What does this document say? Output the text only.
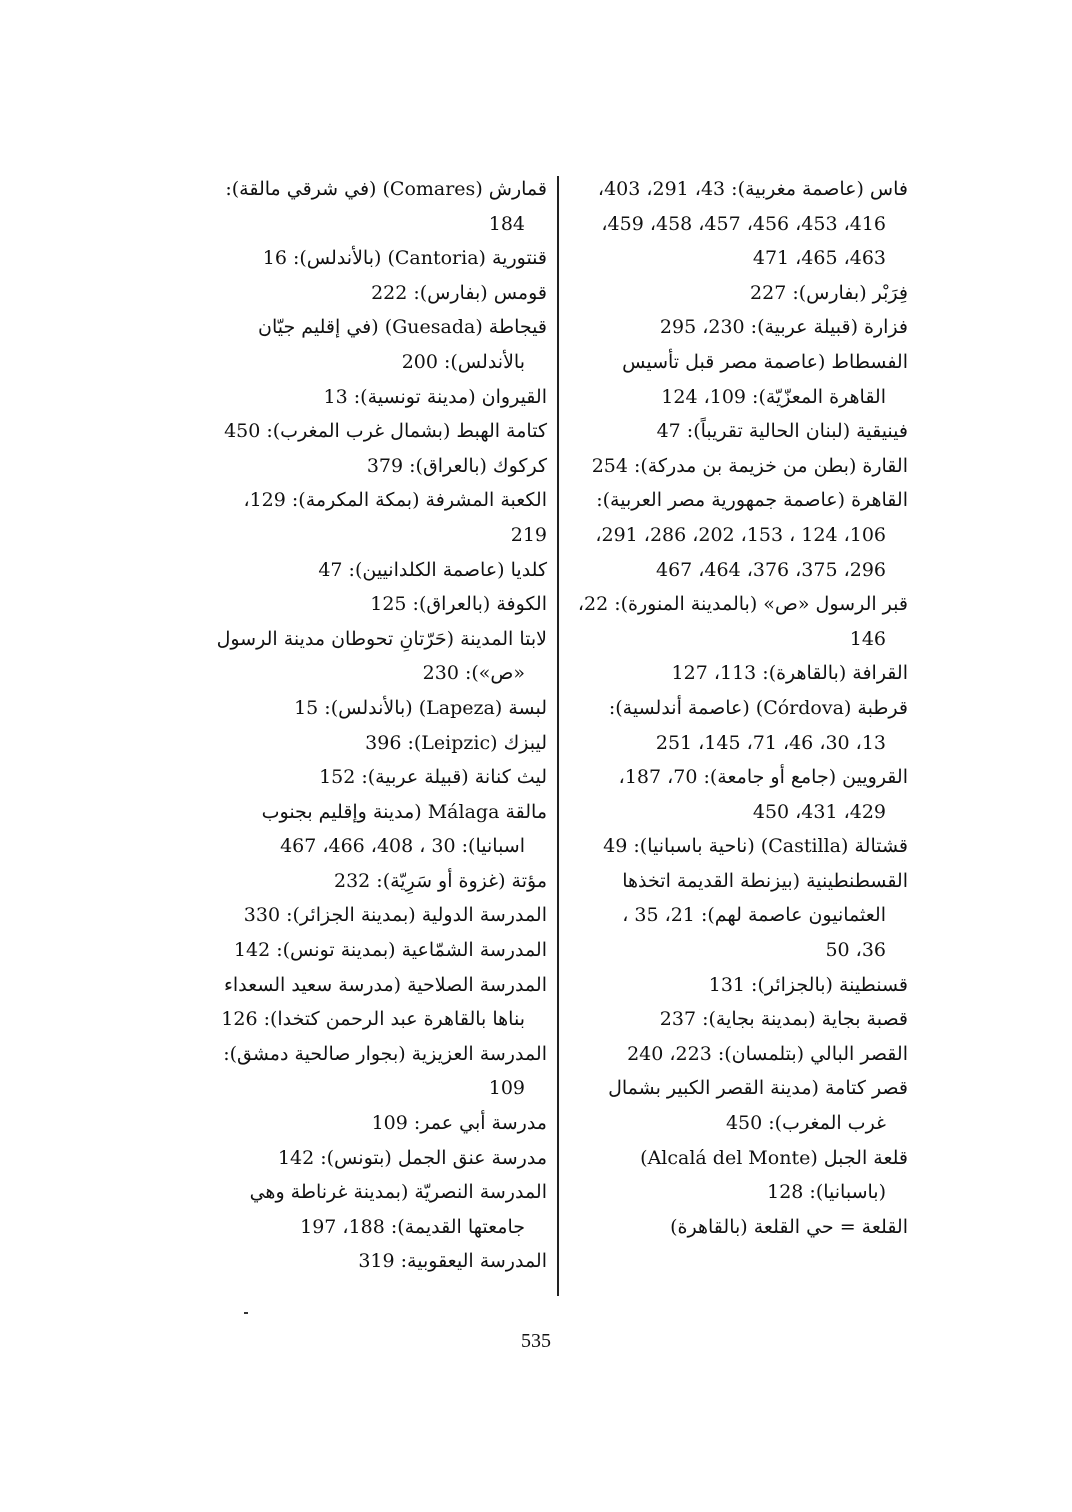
فاس (عاصمة مغربية): 43، 291، 403،
416، 453، 456، 457، 458، 459،
463، 465، 471
فِرَبْر (بفارس): 227
فزارة (قبيلة عربية): 230، 295
الفسطاط (عاصمة مصر قبل تأسيس
القاهرة المعزّيّة): 109، 124
فينيقية (لبنان الحالية تقريباً): 47
القارة (بطن من خزيمة بن مدركة): 254
القاهرة (عاصمة جمهورية مصر العربية):
106، 124 ، 153، 202، 286، 291،
296، 375، 376، 464، 467
قبر الرسول «ص» (بالمدينة المنورة): 22،
146
القرافة (بالقاهرة): 113، 127
قرطبة (Córdova) (عاصمة أندلسية):
13، 30، 46، 71، 145، 251
القرويين (جامع أو جامعة): 70، 187،
429، 431، 450
قشتالة (Castilla) (ناحية باسبانيا): 49
القسطنطينية (بيزنطة القديمة اتخذها
العثمانيون عاصمة لهم): 21، 35 ،
36، 50
قسنطينة (بالجزائر): 131
قصبة بجاية (بمدينة بجاية): 237
القصر البالي (بتلمسان): 223، 240
قصر كتامة (مدينة القصر الكبير بشمال
غرب المغرب): 450
قلعة الجبل (Alcalá del Monte)
(باسبانيا): 128
القلعة = حي القلعة (بالقاهرة)
قمارش (Comares) (في شرقي مالقة):
184
قنتورية (Cantoria) (بالأندلس): 16
قومس (بفارس): 222
قيجاطة (Guesada) (في إقليم جيّان
بالأندلس): 200
القيروان (مدينة تونسية): 13
كتامة الهبط (بشمال غرب المغرب): 450
كركوك (بالعراق): 379
الكعبة المشرفة (بمكة المكرمة): 129، 219
كلديا (عاصمة الكلدانيين): 47
الكوفة (بالعراق): 125
لابتا المدينة (حَرّتانِ تحوطان مدينة الرسول
«ص»): 230
لبسة (Lapeza) (بالأندلس): 15
ليبزك (Leipzic): 396
ليث كنانة (قبيلة عربية): 152
مالقة Málaga (مدينة وإقليم بجنوب
اسبانيا): 30 ، 408، 466، 467
مؤتة (غزوة أو سَرِيّة): 232
المدرسة الدولية (بمدينة الجزائر): 330
المدرسة الشمّاعية (بمدينة تونس): 142
المدرسة الصلاحية (مدرسة سعيد السعداء
بناها بالقاهرة عبد الرحمن كتخدا): 126
المدرسة العزيزية (بجوار صالحية دمشق):
109
مدرسة أبي عمر: 109
مدرسة عنق الجمل (بتونس): 142
المدرسة النصريّة (بمدينة غرناطة وهي
جامعتها القديمة): 188، 197
المدرسة اليعقوبية: 319
535
